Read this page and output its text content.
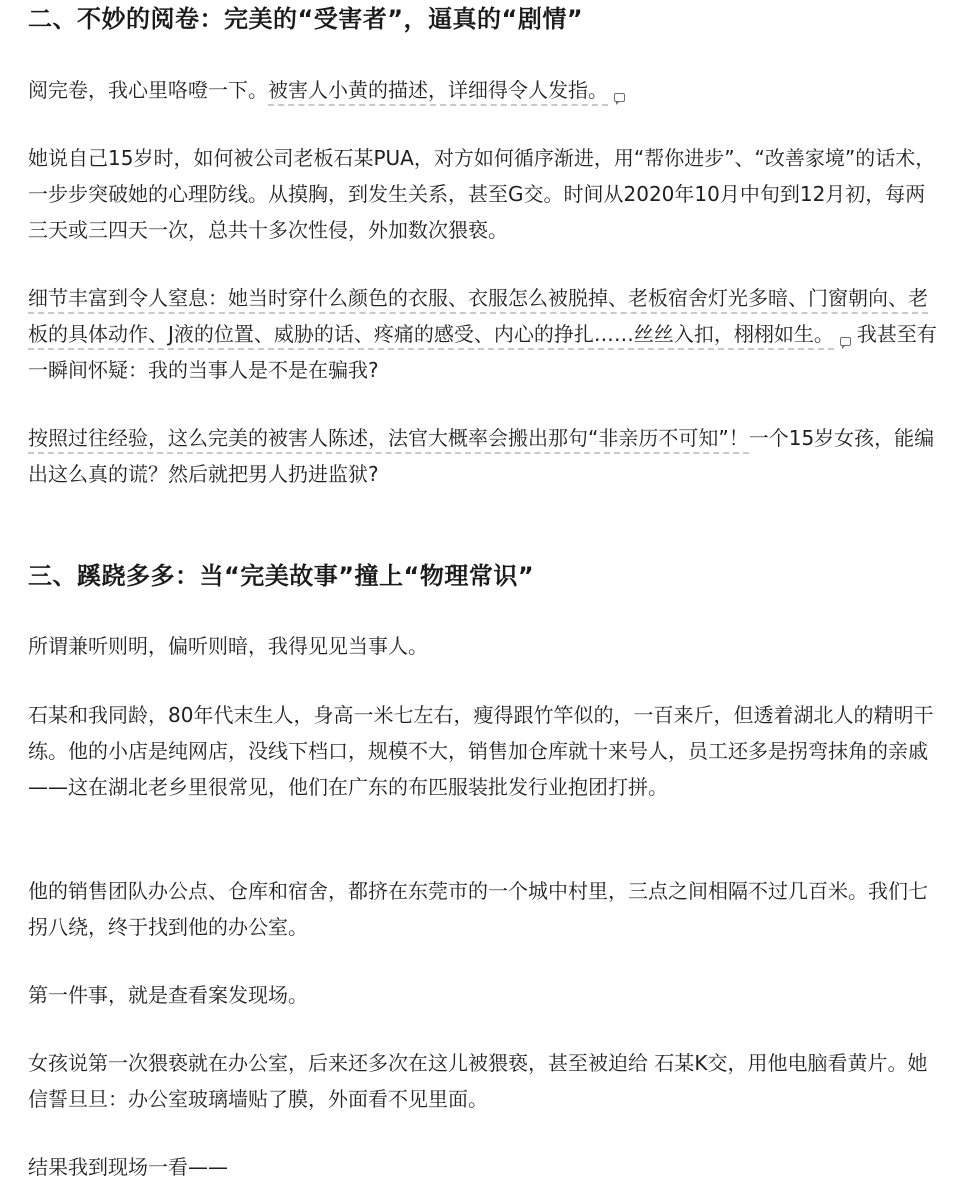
二、不妙的阅卷：完美的“受害者”，逼真的“剧情”

阅完卷，我心里咯噔一下。被害人小黄的描述，详细得令人发指。

她说自己15岁时，如何被公司老板石某PUA，对方如何循序渐进，用“帮你进步”、“改善家境”的话术，一步步突破她的心理防线。从摸胸，到发生关系，甚至G交。时间从2020年10月中旬到12月初，每两三天或三四天一次，总共十多次性侵，外加数次猥亵。

细节丰富到令人窒息：她当时穿什么颜色的衣服、衣服怎么被脱掉、老板宿舍灯光多暗、门窗朝向、老板的具体动作、J液的位置、威胁的话、疼痛的感受、内心的挣扎……丝丝入扣，栩栩如生。 我甚至有一瞬间怀疑：我的当事人是不是在骗我?

按照过往经验，这么完美的被害人陈述，法官大概率会搬出那句“非亲历不可知”！一个15岁女孩，能编出这么真的谎？然后就把男人扔进监狱?

三、蹊跷多多：当“完美故事”撞上“物理常识”

所谓兼听则明，偏听则暗，我得见见当事人。

石某和我同龄，80年代末生人，身高一米七左右，瘦得跟竹竿似的，一百来斤，但透着湖北人的精明干练。他的小店是纯网店，没线下档口，规模不大，销售加仓库就十来号人，员工还多是拐弯抹角的亲戚——这在湖北老乡里很常见，他们在广东的布匹服装批发行业抱团打拼。

他的销售团队办公点、仓库和宿舍，都挤在东莞市的一个城中村里，三点之间相隔不过几百米。我们七拐八绕，终于找到他的办公室。

第一件事，就是查看案发现场。

女孩说第一次猥亵就在办公室，后来还多次在这儿被猥亵，甚至被迫给 石某K交，用他电脑看黄片。她信誓旦旦：办公室玻璃墙贴了膜，外面看不见里面。

结果我到现场一看——
